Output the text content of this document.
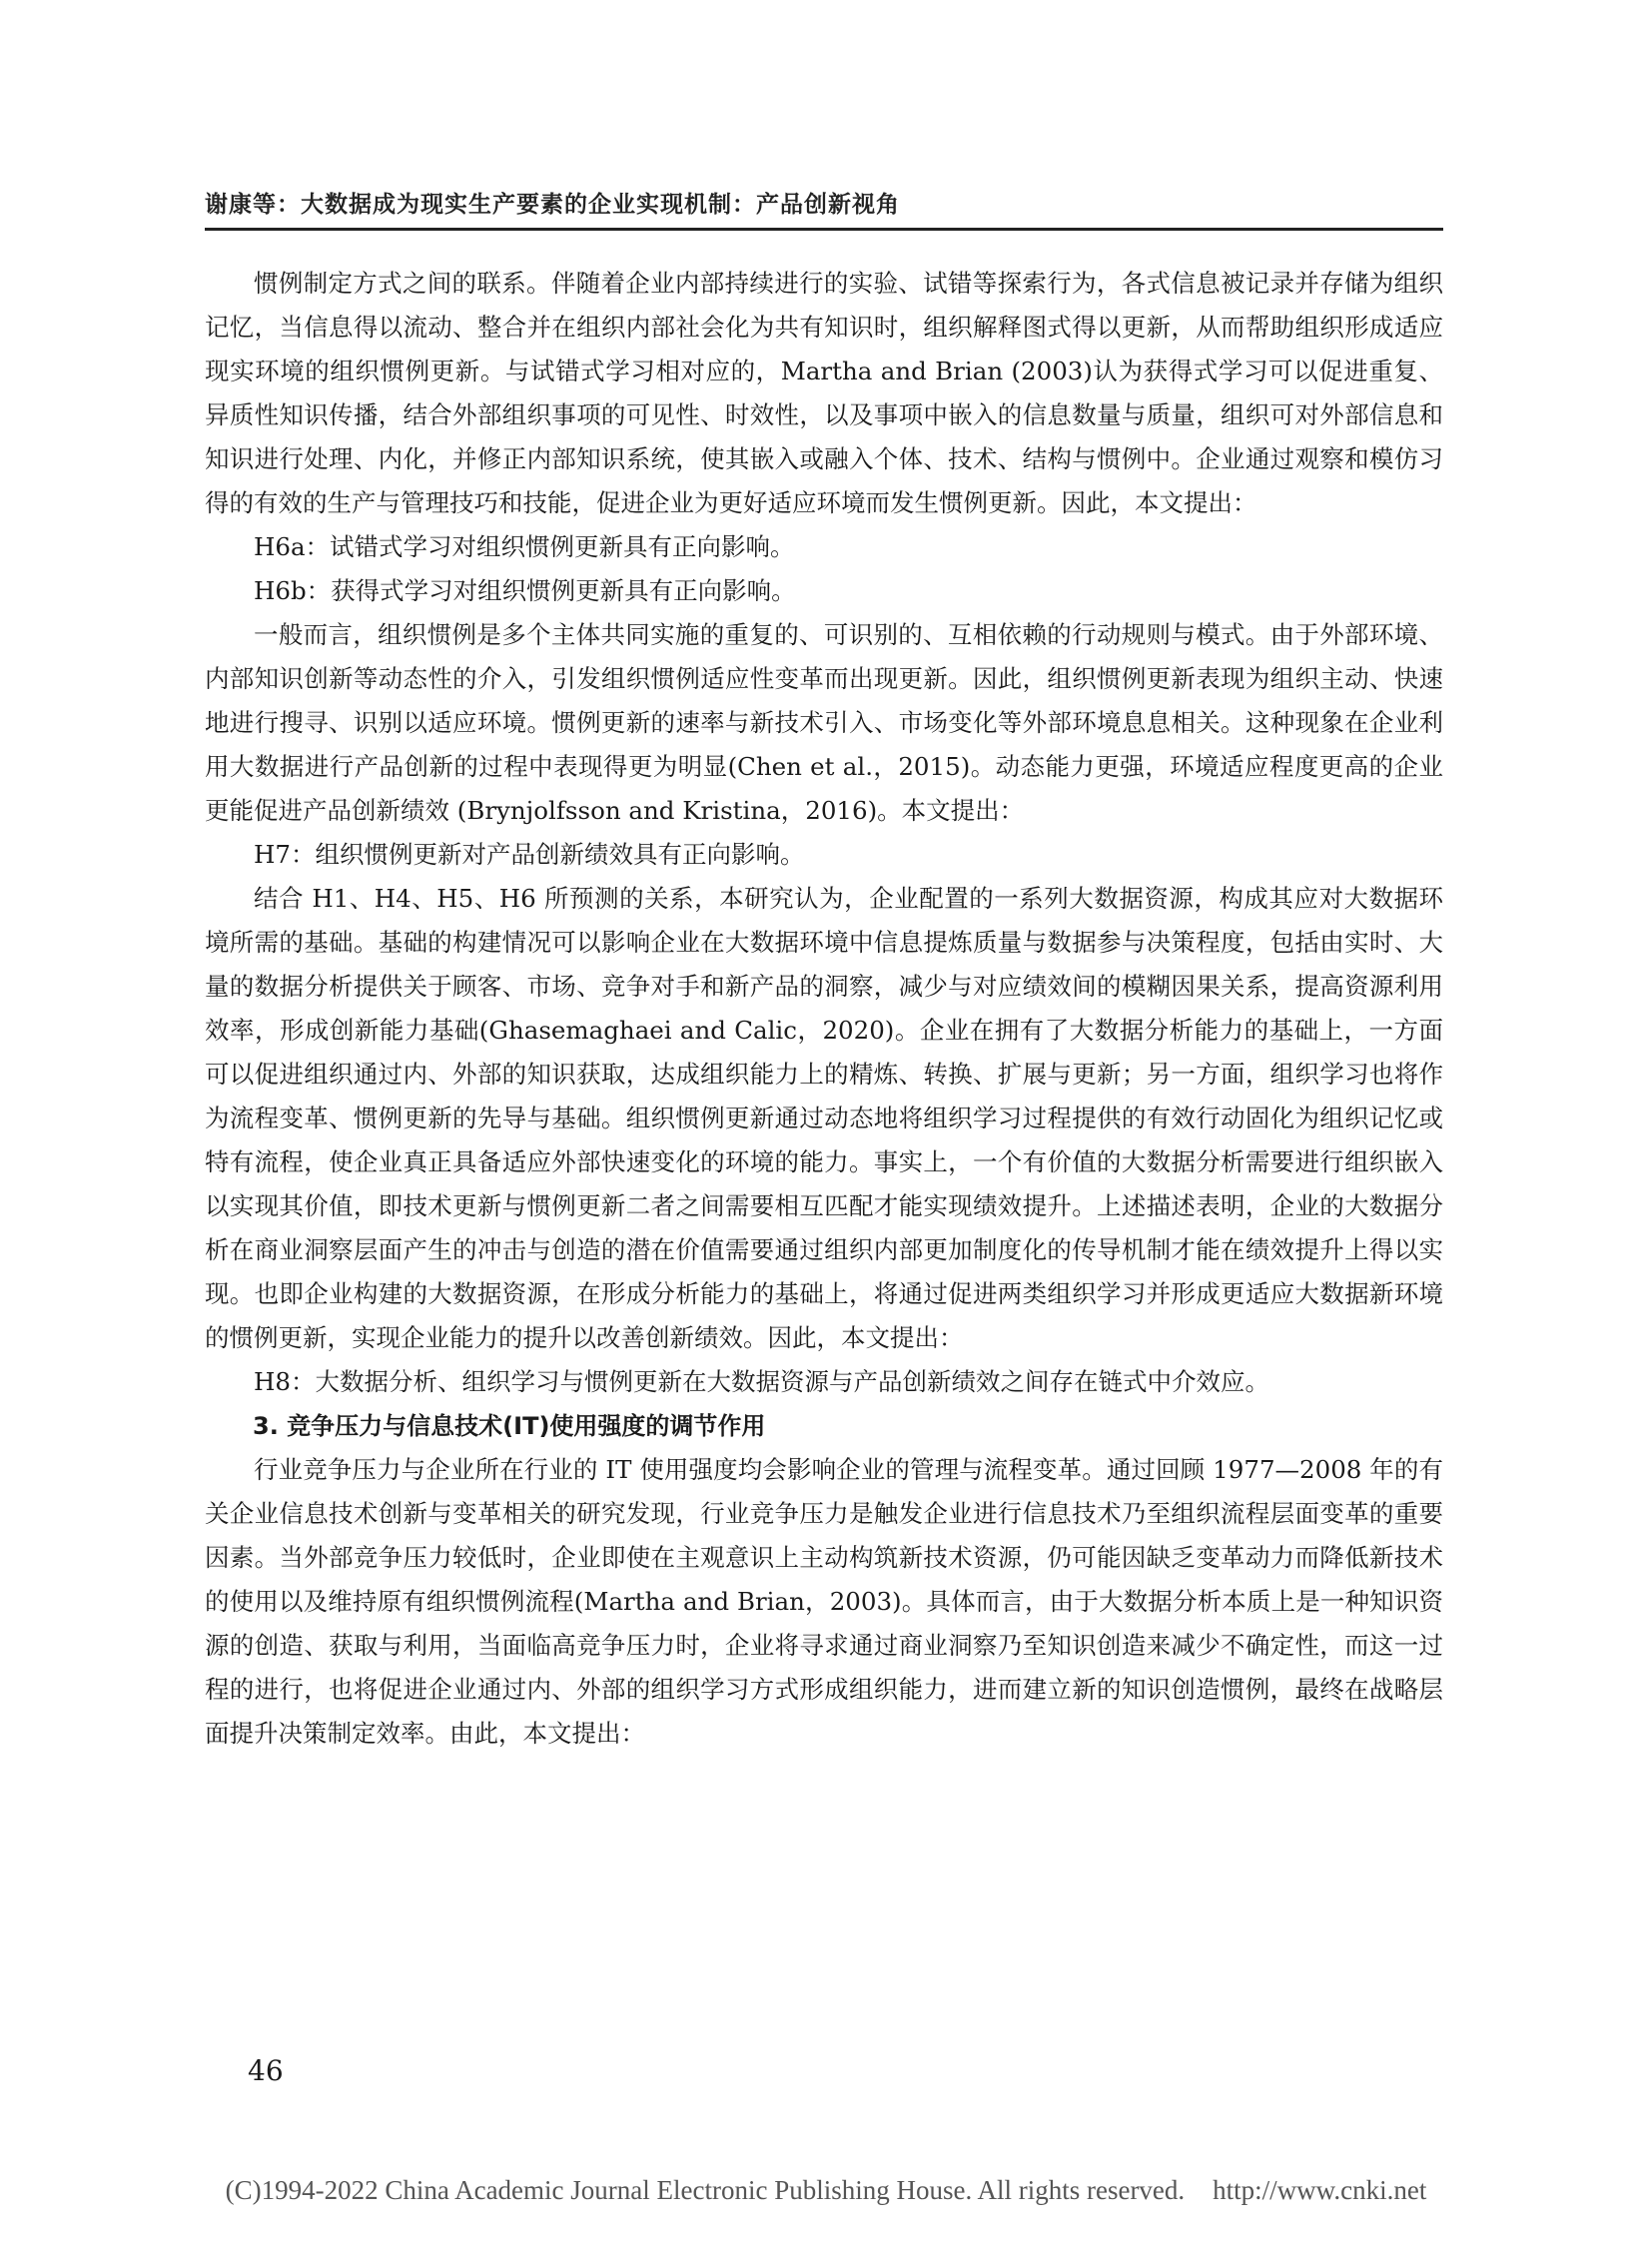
谢康等：大数据成为现实生产要素的企业实现机制：产品创新视角

惯例制定方式之间的联系。伴随着企业内部持续进行的实验、试错等探索行为，各式信息被记录并存储为组织记忆，当信息得以流动、整合并在组织内部社会化为共有知识时，组织解释图式得以更新，从而帮助组织形成适应现实环境的组织惯例更新。与试错式学习相对应的，Martha and Brian (2003)认为获得式学习可以促进重复、异质性知识传播，结合外部组织事项的可见性、时效性，以及事项中嵌入的信息数量与质量，组织可对外部信息和知识进行处理、内化，并修正内部知识系统，使其嵌入或融入个体、技术、结构与惯例中。企业通过观察和模仿习得的有效的生产与管理技巧和技能，促进企业为更好适应环境而发生惯例更新。因此，本文提出：

H6a：试错式学习对组织惯例更新具有正向影响。

H6b：获得式学习对组织惯例更新具有正向影响。

一般而言，组织惯例是多个主体共同实施的重复的、可识别的、互相依赖的行动规则与模式。由于外部环境、内部知识创新等动态性的介入，引发组织惯例适应性变革而出现更新。因此，组织惯例更新表现为组织主动、快速地进行搜寻、识别以适应环境。惯例更新的速率与新技术引入、市场变化等外部环境息息相关。这种现象在企业利用大数据进行产品创新的过程中表现得更为明显(Chen et al.，2015)。动态能力更强，环境适应程度更高的企业更能促进产品创新绩效 (Brynjolfsson and Kristina，2016)。本文提出：

H7：组织惯例更新对产品创新绩效具有正向影响。

结合 H1、H4、H5、H6 所预测的关系，本研究认为，企业配置的一系列大数据资源，构成其应对大数据环境所需的基础。基础的构建情况可以影响企业在大数据环境中信息提炼质量与数据参与决策程度，包括由实时、大量的数据分析提供关于顾客、市场、竞争对手和新产品的洞察，减少与对应绩效间的模糊因果关系，提高资源利用效率，形成创新能力基础(Ghasemaghaei and Calic，2020)。企业在拥有了大数据分析能力的基础上，一方面可以促进组织通过内、外部的知识获取，达成组织能力上的精炼、转换、扩展与更新；另一方面，组织学习也将作为流程变革、惯例更新的先导与基础。组织惯例更新通过动态地将组织学习过程提供的有效行动固化为组织记忆或特有流程，使企业真正具备适应外部快速变化的环境的能力。事实上，一个有价值的大数据分析需要进行组织嵌入以实现其价值，即技术更新与惯例更新二者之间需要相互匹配才能实现绩效提升。上述描述表明，企业的大数据分析在商业洞察层面产生的冲击与创造的潜在价值需要通过组织内部更加制度化的传导机制才能在绩效提升上得以实现。也即企业构建的大数据资源，在形成分析能力的基础上，将通过促进两类组织学习并形成更适应大数据新环境的惯例更新，实现企业能力的提升以改善创新绩效。因此，本文提出：

H8：大数据分析、组织学习与惯例更新在大数据资源与产品创新绩效之间存在链式中介效应。

3. 竞争压力与信息技术(IT)使用强度的调节作用

行业竞争压力与企业所在行业的 IT 使用强度均会影响企业的管理与流程变革。通过回顾 1977—2008 年的有关企业信息技术创新与变革相关的研究发现，行业竞争压力是触发企业进行信息技术乃至组织流程层面变革的重要因素。当外部竞争压力较低时，企业即使在主观意识上主动构筑新技术资源，仍可能因缺乏变革动力而降低新技术的使用以及维持原有组织惯例流程(Martha and Brian，2003)。具体而言，由于大数据分析本质上是一种知识资源的创造、获取与利用，当面临高竞争压力时，企业将寻求通过商业洞察乃至知识创造来减少不确定性，而这一过程的进行，也将促进企业通过内、外部的组织学习方式形成组织能力，进而建立新的知识创造惯例，最终在战略层面提升决策制定效率。由此，本文提出：

46
(C)1994-2022 China Academic Journal Electronic Publishing House. All rights reserved. http://www.cnki.net
